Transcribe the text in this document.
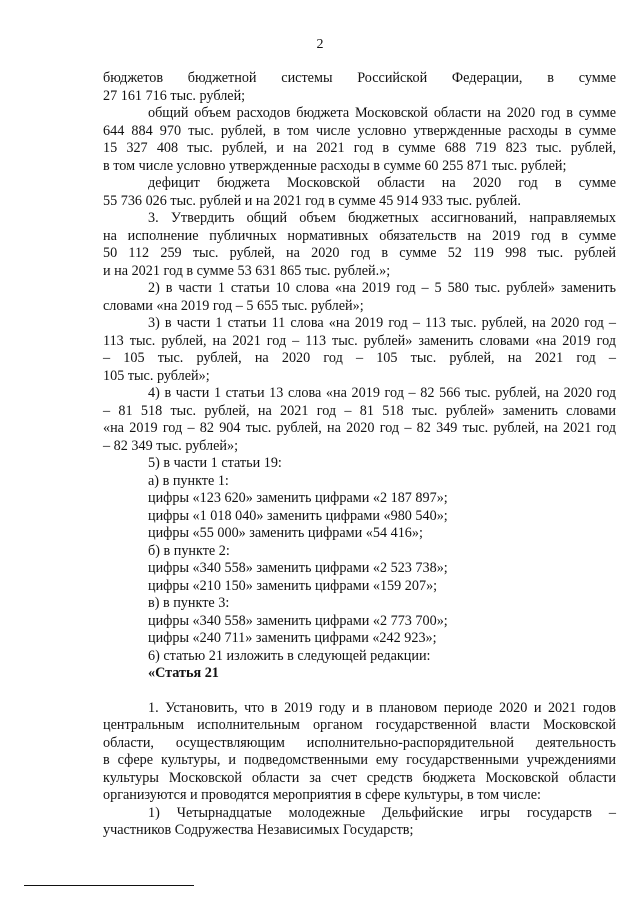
2
бюджетов бюджетной системы Российской Федерации, в сумме
27 161 716 тыс. рублей;
общий объем расходов бюджета Московской области на 2020 год в сумме
644 884 970 тыс. рублей, в том числе условно утвержденные расходы в сумме
15 327 408 тыс. рублей, и на 2021 год в сумме 688 719 823 тыс. рублей,
в том числе условно утвержденные расходы в сумме 60 255 871 тыс. рублей;
дефицит бюджета Московской области на 2020 год в сумме
55 736 026 тыс. рублей и на 2021 год в сумме 45 914 933 тыс. рублей.
3. Утвердить общий объем бюджетных ассигнований, направляемых
на исполнение публичных нормативных обязательств на 2019 год в сумме
50 112 259 тыс. рублей, на 2020 год в сумме 52 119 998 тыс. рублей
и на 2021 год в сумме 53 631 865 тыс. рублей.»;
2) в части 1 статьи 10 слова «на 2019 год – 5 580 тыс. рублей» заменить
словами «на 2019 год – 5 655 тыс. рублей»;
3) в части 1 статьи 11 слова «на 2019 год – 113 тыс. рублей, на 2020 год –
113 тыс. рублей, на 2021 год – 113 тыс. рублей» заменить словами «на 2019 год
– 105 тыс. рублей, на 2020 год – 105 тыс. рублей, на 2021 год –
105 тыс. рублей»;
4) в части 1 статьи 13 слова «на 2019 год – 82 566 тыс. рублей, на 2020 год
– 81 518 тыс. рублей, на 2021 год – 81 518 тыс. рублей» заменить словами
«на 2019 год – 82 904 тыс. рублей, на 2020 год – 82 349 тыс. рублей, на 2021 год
– 82 349 тыс. рублей»;
5) в части 1 статьи 19:
а) в пункте 1:
цифры «123 620» заменить цифрами «2 187 897»;
цифры «1 018 040» заменить цифрами «980 540»;
цифры «55 000» заменить цифрами «54 416»;
б) в пункте 2:
цифры «340 558» заменить цифрами «2 523 738»;
цифры «210 150» заменить цифрами «159 207»;
в) в пункте 3:
цифры «340 558» заменить цифрами «2 773 700»;
цифры «240 711» заменить цифрами «242 923»;
6) статью 21 изложить в следующей редакции:

«Статья 21

1. Установить, что в 2019 году и в плановом периоде 2020 и 2021 годов
центральным исполнительным органом государственной власти Московской
области, осуществляющим исполнительно-распорядительной деятельность
в сфере культуры, и подведомственными ему государственными учреждениями
культуры Московской области за счет средств бюджета Московской области
организуются и проводятся мероприятия в сфере культуры, в том числе:
1) Четырнадцатые молодежные Дельфийские игры государств –
участников Содружества Независимых Государств;
